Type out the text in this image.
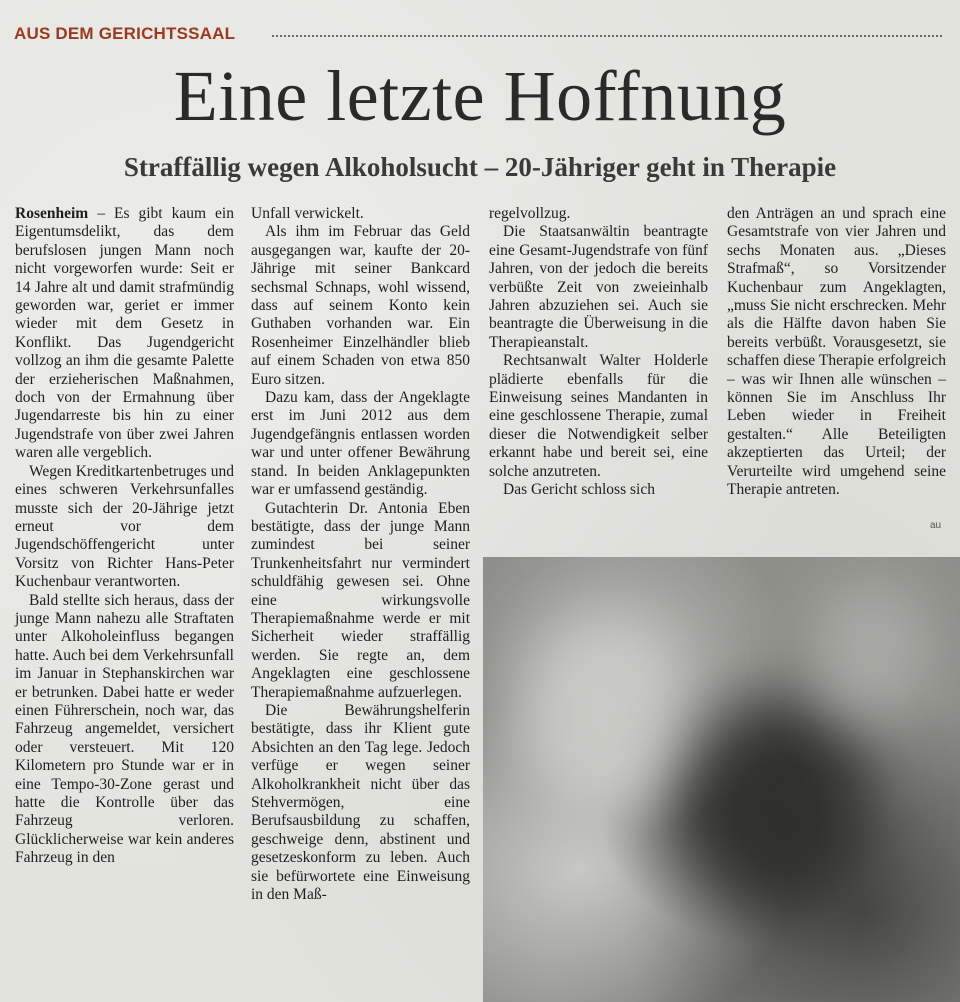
AUS DEM GERICHTSSAAL
Eine letzte Hoffnung
Straffällig wegen Alkoholsucht – 20-Jähriger geht in Therapie

Rosenheim – Es gibt kaum ein Eigentumsdelikt, das dem berufslosen jungen Mann noch nicht vorgeworfen wurde: Seit er 14 Jahre alt und damit strafmündig geworden war, geriet er immer wieder mit dem Gesetz in Konflikt. Das Jugendgericht vollzog an ihm die gesamte Palette der erzieherischen Maßnahmen, doch von der Ermahnung über Jugendarreste bis hin zu einer Jugendstrafe von über zwei Jahren waren alle vergeblich.

Wegen Kreditkartenbetruges und eines schweren Verkehrsunfalles musste sich der 20-Jährige jetzt erneut vor dem Jugendschöffengericht unter Vorsitz von Richter Hans-Peter Kuchenbaur verantworten.

Bald stellte sich heraus, dass der junge Mann nahezu alle Straftaten unter Alkoholeinfluss begangen hatte. Auch bei dem Verkehrsunfall im Januar in Stephanskirchen war er betrunken. Dabei hatte er weder einen Führerschein, noch war, das Fahrzeug angemeldet, versichert oder versteuert. Mit 120 Kilometern pro Stunde war er in eine Tempo-30-Zone gerast und hatte die Kontrolle über das Fahrzeug verloren. Glücklicherweise war kein anderes Fahrzeug in den

Unfall verwickelt.

Als ihm im Februar das Geld ausgegangen war, kaufte der 20-Jährige mit seiner Bankcard sechsmal Schnaps, wohl wissend, dass auf seinem Konto kein Guthaben vorhanden war. Ein Rosenheimer Einzelhändler blieb auf einem Schaden von etwa 850 Euro sitzen.

Dazu kam, dass der Angeklagte erst im Juni 2012 aus dem Jugendgefängnis entlassen worden war und unter offener Bewährung stand. In beiden Anklagepunkten war er umfassend geständig.

Gutachterin Dr. Antonia Eben bestätigte, dass der junge Mann zumindest bei seiner Trunkenheitsfahrt nur vermindert schuldfähig gewesen sei. Ohne eine wirkungsvolle Therapiemaßnahme werde er mit Sicherheit wieder straffällig werden. Sie regte an, dem Angeklagten eine geschlossene Therapiemaßnahme aufzuerlegen.

Die Bewährungshelferin bestätigte, dass ihr Klient gute Absichten an den Tag lege. Jedoch verfüge er wegen seiner Alkoholkrankheit nicht über das Stehvermögen, eine Berufsausbildung zu schaffen, geschweige denn, abstinent und gesetzeskonform zu leben. Auch sie befürwortete eine Einweisung in den Maß-

regelvollzug.

Die Staatsanwältin beantragte eine Gesamt-Jugendstrafe von fünf Jahren, von der jedoch die bereits verbüßte Zeit von zweieinhalb Jahren abzuziehen sei. Auch sie beantragte die Überweisung in die Therapieanstalt.

Rechtsanwalt Walter Holderle plädierte ebenfalls für die Einweisung seines Mandanten in eine geschlossene Therapie, zumal dieser die Notwendigkeit selber erkannt habe und bereit sei, eine solche anzutreten.

Das Gericht schloss sich

den Anträgen an und sprach eine Gesamtstrafe von vier Jahren und sechs Monaten aus. „Dieses Strafmaß“, so Vorsitzender Kuchenbaur zum Angeklagten, „muss Sie nicht erschrecken. Mehr als die Hälfte davon haben Sie bereits verbüßt. Vorausgesetzt, sie schaffen diese Therapie erfolgreich – was wir Ihnen alle wünschen – können Sie im Anschluss Ihr Leben wieder in Freiheit gestalten.“ Alle Beteiligten akzeptierten das Urteil; der Verurteilte wird umgehend seine Therapie antreten.

au
